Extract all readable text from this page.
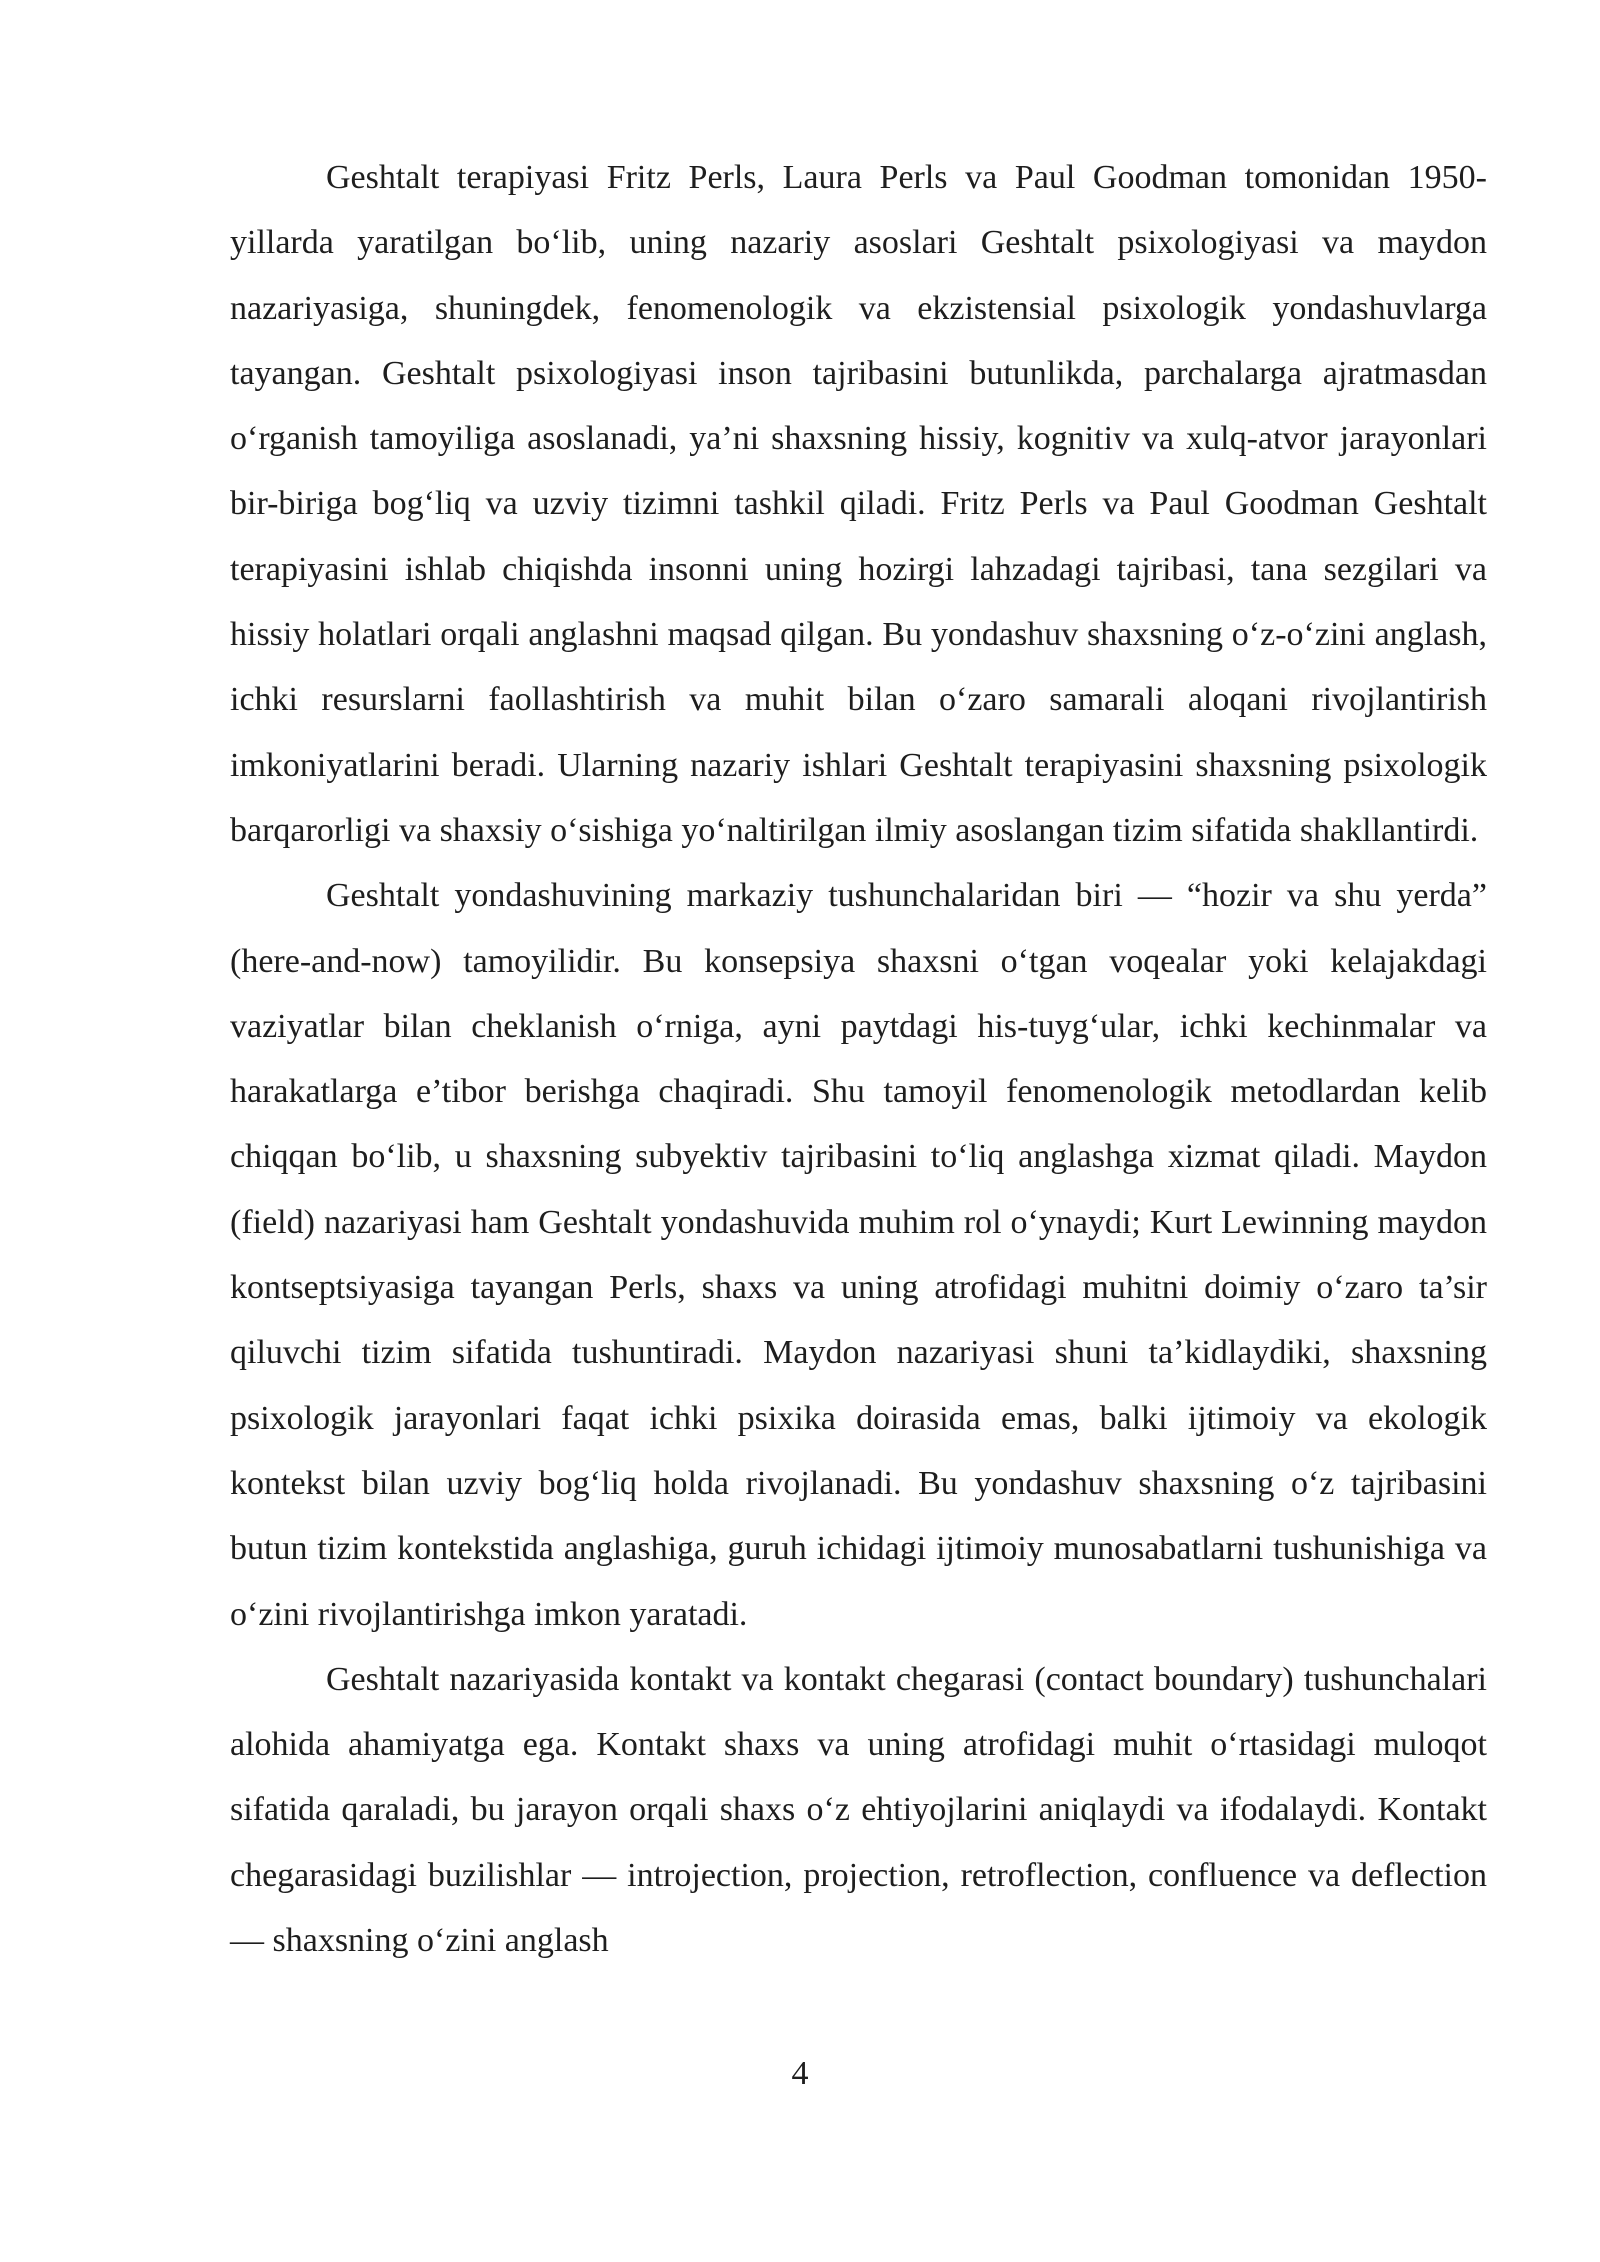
Geshtalt terapiyasi Fritz Perls, Laura Perls va Paul Goodman tomonidan 1950-yillarda yaratilgan bo‘lib, uning nazariy asoslari Geshtalt psixologiyasi va maydon nazariyasiga, shuningdek, fenomenologik va ekzistensial psixologik yondashuvlarga tayangan. Geshtalt psixologiyasi inson tajribasini butunlikda, parchalarga ajratmasdan o‘rganish tamoyiliga asoslanadi, ya’ni shaxsning hissiy, kognitiv va xulq-atvor jarayonlari bir-biriga bog‘liq va uzviy tizimni tashkil qiladi. Fritz Perls va Paul Goodman Geshtalt terapiyasini ishlab chiqishda insonni uning hozirgi lahzadagi tajribasi, tana sezgilari va hissiy holatlari orqali anglashni maqsad qilgan. Bu yondashuv shaxsning o‘z-o‘zini anglash, ichki resurslarni faollashtirish va muhit bilan o‘zaro samarali aloqani rivojlantirish imkoniyatlarini beradi. Ularning nazariy ishlari Geshtalt terapiyasini shaxsning psixologik barqarorligi va shaxsiy o‘sishiga yo‘naltirilgan ilmiy asoslangan tizim sifatida shakllantirdi.

Geshtalt yondashuvining markaziy tushunchalaridan biri — “hozir va shu yerda” (here-and-now) tamoyilidir. Bu konsepsiya shaxsni o‘tgan voqealar yoki kelajakdagi vaziyatlar bilan cheklanish o‘rniga, ayni paytdagi his-tuyg‘ular, ichki kechinmalar va harakatlarga e’tibor berishga chaqiradi. Shu tamoyil fenomenologik metodlardan kelib chiqqan bo‘lib, u shaxsning subyektiv tajribasini to‘liq anglashga xizmat qiladi. Maydon (field) nazariyasi ham Geshtalt yondashuvida muhim rol o‘ynaydi; Kurt Lewinning maydon kontseptsiyasiga tayangan Perls, shaxs va uning atrofidagi muhitni doimiy o‘zaro ta’sir qiluvchi tizim sifatida tushuntiradi. Maydon nazariyasi shuni ta’kidlaydiki, shaxsning psixologik jarayonlari faqat ichki psixika doirasida emas, balki ijtimoiy va ekologik kontekst bilan uzviy bog‘liq holda rivojlanadi. Bu yondashuv shaxsning o‘z tajribasini butun tizim kontekstida anglashiga, guruh ichidagi ijtimoiy munosabatlarni tushunishiga va o‘zini rivojlantirishga imkon yaratadi.

Geshtalt nazariyasida kontakt va kontakt chegarasi (contact boundary) tushunchalari alohida ahamiyatga ega. Kontakt shaxs va uning atrofidagi muhit o‘rtasidagi muloqot sifatida qaraladi, bu jarayon orqali shaxs o‘z ehtiyojlarini aniqlaydi va ifodalaydi. Kontakt chegarasidagi buzilishlar — introjection, projection, retroflection, confluence va deflection — shaxsning o‘zini anglash

4
